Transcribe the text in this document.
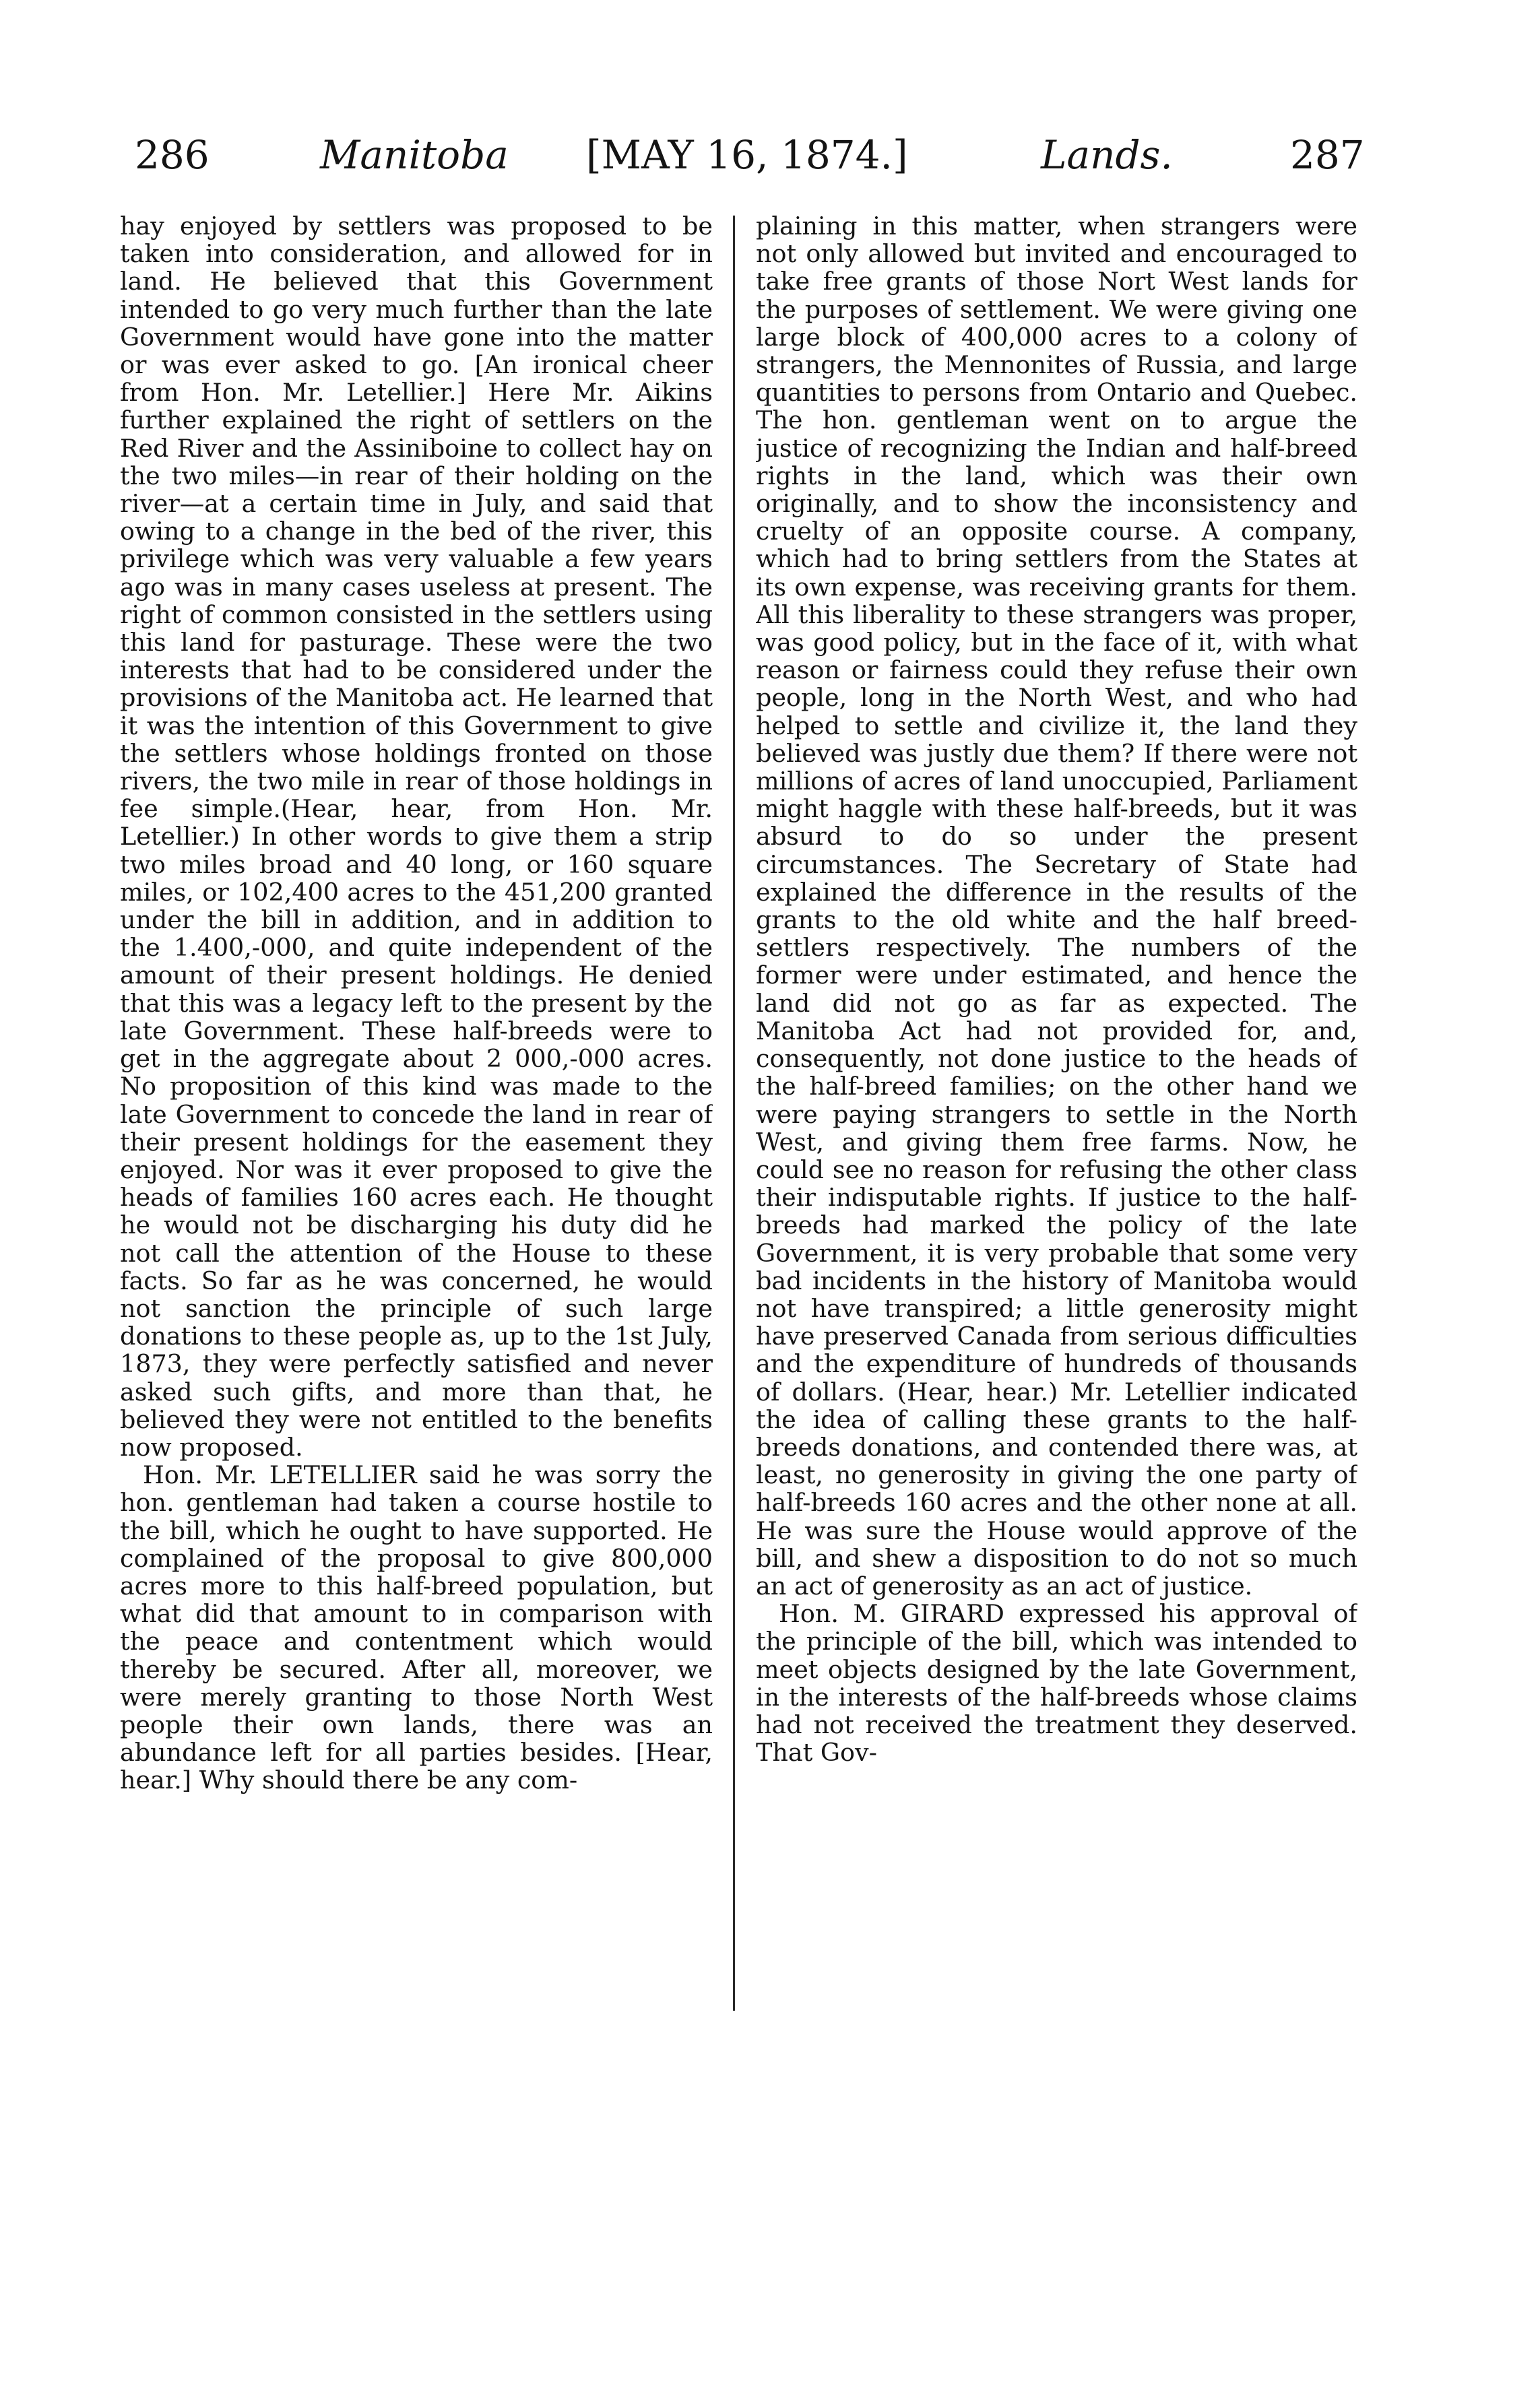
286	Manitoba [MAY 16, 1874.]	Lands.	287

hay enjoyed by settlers was proposed to be taken into consideration, and allowed for in land. He believed that this Government intended to go very much further than the late Government would have gone into the matter or was ever asked to go. [An ironical cheer from Hon. Mr. Letellier.] Here Mr. Aikins further explained the right of settlers on the Red River and the Assiniboine to collect hay on the two miles—in rear of their holding on the river—at a certain time in July, and said that owing to a change in the bed of the river, this privilege which was very valuable a few years ago was in many cases useless at present. The right of common consisted in the settlers using this land for pasturage. These were the two interests that had to be considered under the provisions of the Manitoba act. He learned that it was the intention of this Government to give the settlers whose holdings fronted on those rivers, the two mile in rear of those holdings in fee simple.(Hear, hear, from Hon. Mr. Letellier.) In other words to give them a strip two miles broad and 40 long, or 160 square miles, or 102,400 acres to the 451,200 granted under the bill in addition, and in addition to the 1.400,-000, and quite independent of the amount of their present holdings. He denied that this was a legacy left to the present by the late Government. These half-breeds were to get in the aggregate about 2 000,-000 acres. No proposition of this kind was made to the late Government to concede the land in rear of their present holdings for the easement they enjoyed. Nor was it ever proposed to give the heads of families 160 acres each. He thought he would not be discharging his duty did he not call the attention of the House to these facts. So far as he was concerned, he would not sanction the principle of such large donations to these people as, up to the 1st July, 1873, they were perfectly satisfied and never asked such gifts, and more than that, he believed they were not entitled to the benefits now proposed.

Hon. Mr. LETELLIER said he was sorry the hon. gentleman had taken a course hostile to the bill, which he ought to have supported. He complained of the proposal to give 800,000 acres more to this half-breed population, but what did that amount to in comparison with the peace and contentment which would thereby be secured. After all, moreover, we were merely granting to those North West people their own lands, there was an abundance left for all parties besides. [Hear, hear.] Why should there be any com-

plaining in this matter, when strangers were not only allowed but invited and encouraged to take free grants of those Nort West lands for the purposes of settlement. We were giving one large block of 400,000 acres to a colony of strangers, the Mennonites of Russia, and large quantities to persons from Ontario and Quebec. The hon. gentleman went on to argue the justice of recognizing the Indian and half-breed rights in the land, which was their own originally, and to show the inconsistency and cruelty of an opposite course. A company, which had to bring settlers from the States at its own expense, was receiving grants for them. All this liberality to these strangers was proper, was good policy, but in the face of it, with what reason or fairness could they refuse their own people, long in the North West, and who had helped to settle and civilize it, the land they believed was justly due them? If there were not millions of acres of land unoccupied, Parliament might haggle with these half-breeds, but it was absurd to do so under the present circumstances. The Secretary of State had explained the difference in the results of the grants to the old white and the half breed-settlers respectively. The numbers of the former were under estimated, and hence the land did not go as far as expected. The Manitoba Act had not provided for, and, consequently, not done justice to the heads of the half-breed families; on the other hand we were paying strangers to settle in the North West, and giving them free farms. Now, he could see no reason for refusing the other class their indisputable rights. If justice to the half-breeds had marked the policy of the late Government, it is very probable that some very bad incidents in the history of Manitoba would not have transpired; a little generosity might have preserved Canada from serious difficulties and the expenditure of hundreds of thousands of dollars. (Hear, hear.) Mr. Letellier indicated the idea of calling these grants to the half-breeds donations, and contended there was, at least, no generosity in giving the one party of half-breeds 160 acres and the other none at all. He was sure the House would approve of the bill, and shew a disposition to do not so much an act of generosity as an act of justice.

Hon. M. GIRARD expressed his approval of the principle of the bill, which was intended to meet objects designed by the late Government, in the interests of the half-breeds whose claims had not received the treatment they deserved. That Gov-
